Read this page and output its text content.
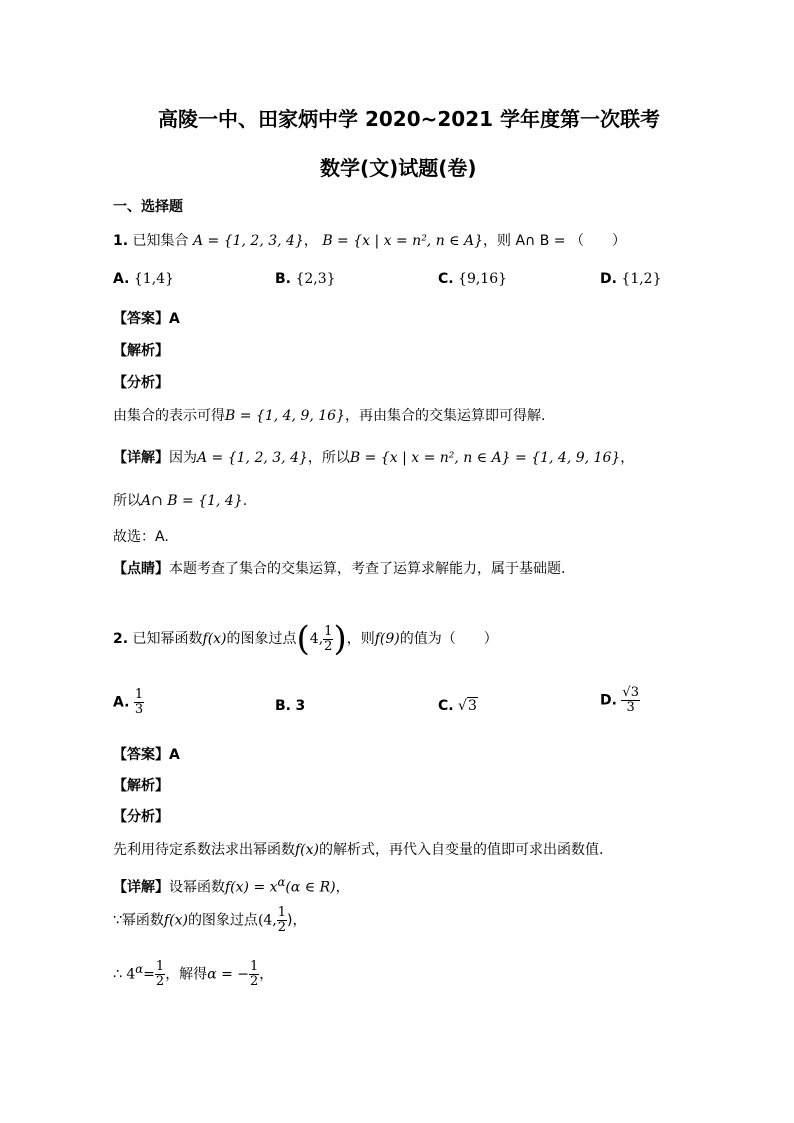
高陵一中、田家炳中学 2020~2021 学年度第一次联考
数学(文)试题(卷)
一、选择题
1. 已知集合 A = {1, 2, 3, 4}， B = {x | x = n², n ∈ A}，则 A∩ B = （　　）
A. {1,4}	B. {2,3}	C. {9,16}	D. {1,2}
【答案】A
【解析】
【分析】
由集合的表示可得B = {1, 4, 9, 16}，再由集合的交集运算即可得解.
【详解】因为A = {1, 2, 3, 4}，所以B = {x | x = n², n ∈ A} = {1, 4, 9, 16}，
所以A∩ B = {1, 4}.
故选：A.
【点睛】本题考查了集合的交集运算，考查了运算求解能力，属于基础题.
2. 已知幂函数f(x)的图象过点(4, $\frac{1}{2}$ )，则f(9)的值为（　　）
A. $\frac{1}{3}$	B. 3	C. √3	D. $\frac{√3}{3}$
【答案】A
【解析】
【分析】
先利用待定系数法求出幂函数f(x)的解析式，再代入自变量的值即可求出函数值.
【详解】设幂函数$f(x) = x^\alpha(\alpha$ ∈ R)，
∵幂函数f(x)的图象过点(4, $\frac{1}{2}$ )，
∴ $4^\alpha= \frac{1}{2}$ ，解得α = − $\frac{1}{2}$ ，
